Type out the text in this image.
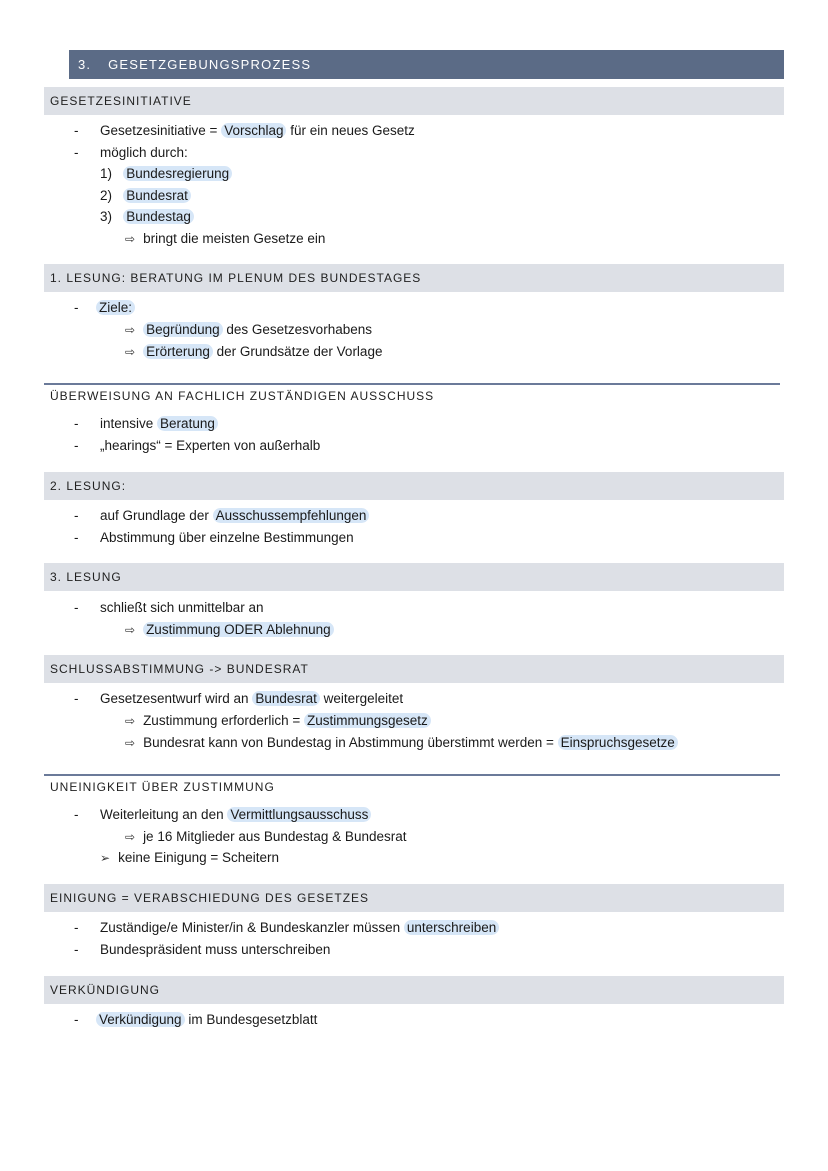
3. GESETZGEBUNGSPROZESS
GESETZESINITIATIVE
- Gesetzesinitiative = Vorschlag für ein neues Gesetz
- möglich durch:
1) Bundesregierung
2) Bundesrat
3) Bundestag
⇨ bringt die meisten Gesetze ein
1. LESUNG: BERATUNG IM PLENUM DES BUNDESTAGES
- Ziele:
⇨ Begründung des Gesetzesvorhabens
⇨ Erörterung der Grundsätze der Vorlage
ÜBERWEISUNG AN FACHLICH ZUSTÄNDIGEN AUSSCHUSS
- intensive Beratung
- „hearings“ = Experten von außerhalb
2. LESUNG:
- auf Grundlage der Ausschussempfehlungen
- Abstimmung über einzelne Bestimmungen
3. LESUNG
- schließt sich unmittelbar an
⇨ Zustimmung ODER Ablehnung
SCHLUSSABSTIMMUNG -> BUNDESRAT
- Gesetzesentwurf wird an Bundesrat weitergeleitet
⇨ Zustimmung erforderlich = Zustimmungsgesetz
⇨ Bundesrat kann von Bundestag in Abstimmung überstimmt werden = Einspruchsgesetze
UNEINIGKEIT ÜBER ZUSTIMMUNG
- Weiterleitung an den Vermittlungsausschuss
⇨ je 16 Mitglieder aus Bundestag & Bundesrat
➢ keine Einigung = Scheitern
EINIGUNG = VERABSCHIEDUNG DES GESETZES
- Zuständige/e Minister/in & Bundeskanzler müssen unterschreiben
- Bundespräsident muss unterschreiben
VERKÜNDIGUNG
- Verkündigung im Bundesgesetzblatt
